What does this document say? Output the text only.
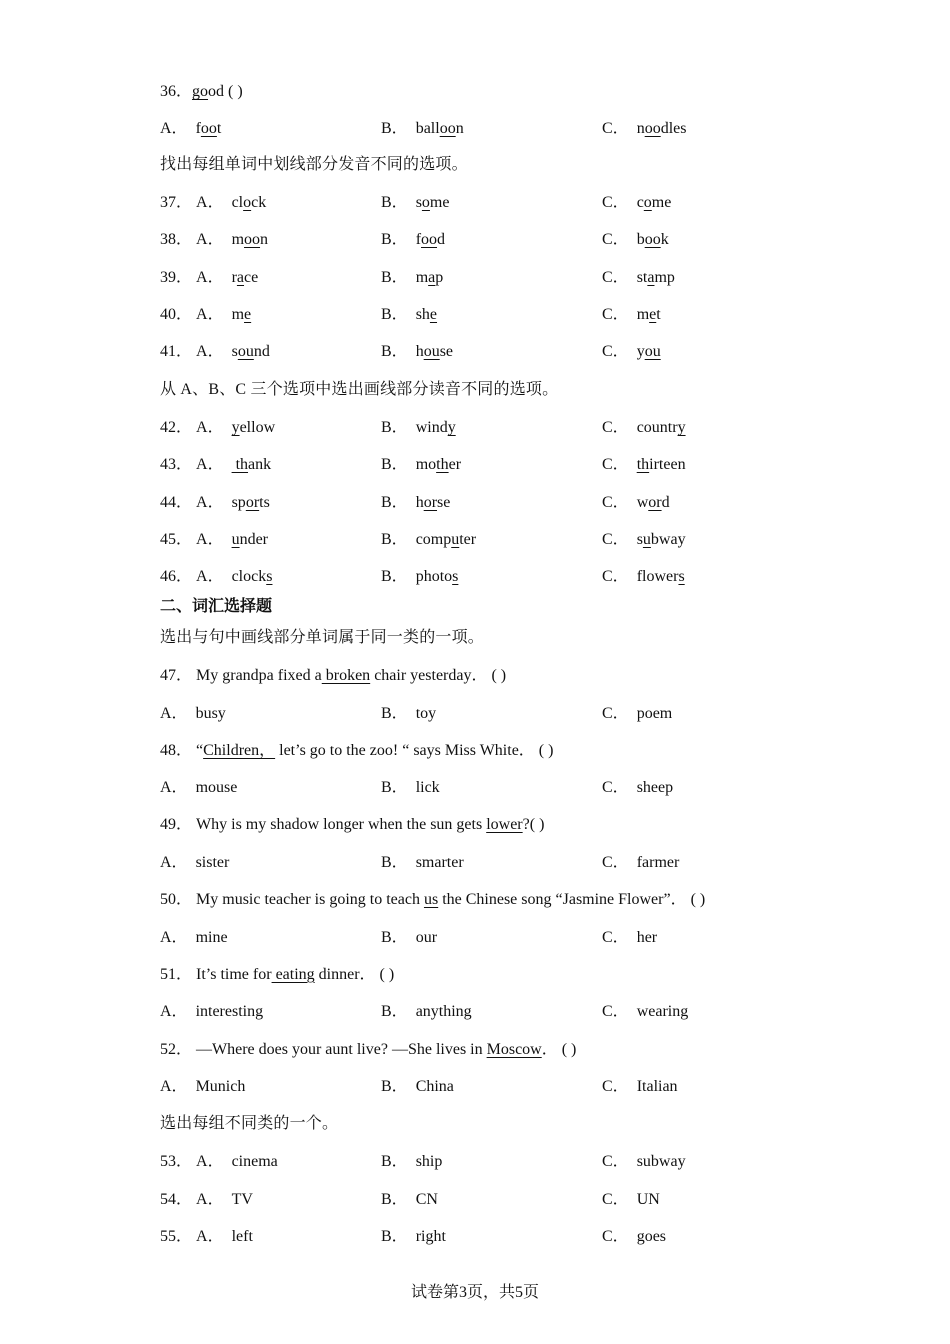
36．good ( )
A． foot	B． balloon	C． noodles
找出每组单词中划线部分发音不同的选项。
37． A． clock	B． some	C． come
38． A． moon	B． food	C． book
39． A． race	B． map	C． stamp
40． A． me	B． she	C． met
41． A． sound	B． house	C． you
从 A、B、C 三个选项中选出画线部分读音不同的选项。
42． A． yellow	B． windy	C． country
43． A． thank	B． mother	C． thirteen
44． A． sports	B． horse	C． word
45． A． under	B． computer	C． subway
46． A． clocks	B． photos	C． flowers
二、词汇选择题
选出与句中画线部分单词属于同一类的一项。
47． My grandpa fixed a broken chair yesterday． ( )
A． busy	B． toy	C． poem
48． “Children， let’s go to the zoo! “ says Miss White． ( )
A． mouse	B． lick	C． sheep
49． Why is my shadow longer when the sun gets lower?( )
A． sister	B． smarter	C． farmer
50． My music teacher is going to teach us the Chinese song “Jasmine Flower”． ( )
A． mine	B． our	C． her
51． It’s time for eating dinner． ( )
A． interesting	B． anything	C． wearing
52． —Where does your aunt live? —She lives in Moscow． ( )
A． Munich	B． China	C． Italian
选出每组不同类的一个。
53． A． cinema	B． ship	C． subway
54． A． TV	B． CN	C． UN
55． A． left	B． right	C． goes
试卷第3页，共5页
